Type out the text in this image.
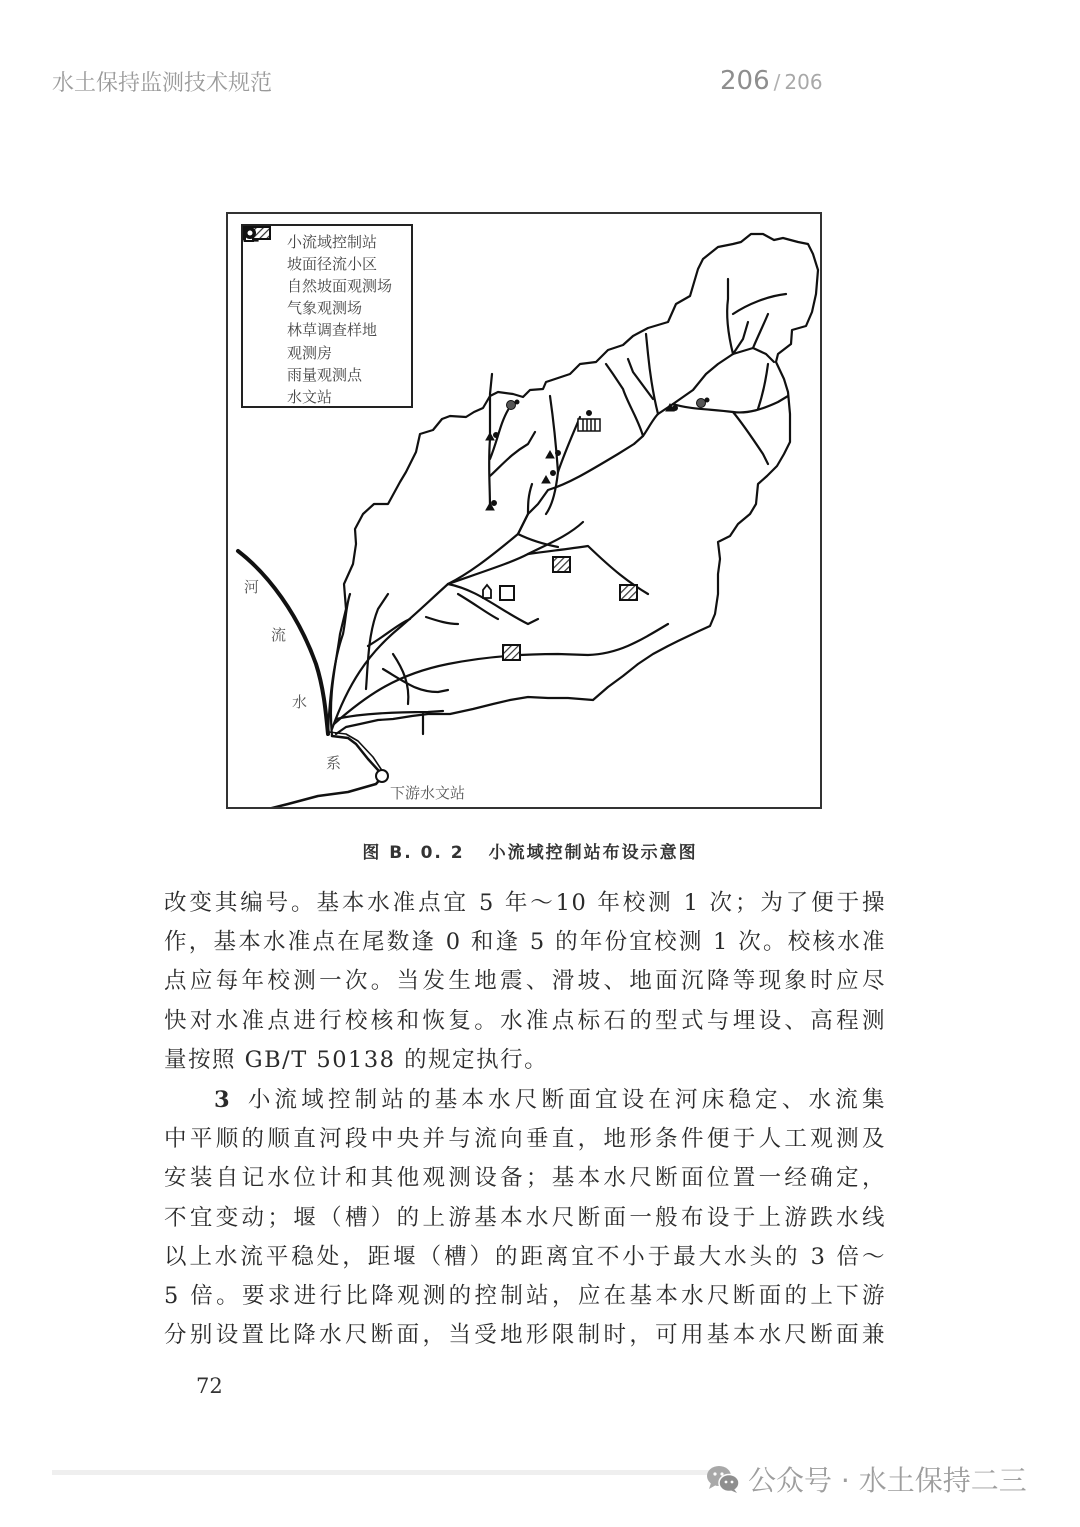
水土保持监测技术规范	206 / 206
小流域控制站
坡面径流小区
自然坡面观测场
气象观测场
林草调查样地
观测房
雨量观测点
水文站
河
流
水
系
下游水文站
图 B. 0. 2 小流域控制站布设示意图
改变其编号。基本水准点宜 5 年～10 年校测 1 次；为了便于操
作，基本水准点在尾数逢 0 和逢 5 的年份宜校测 1 次。校核水准
点应每年校测一次。当发生地震、滑坡、地面沉降等现象时应尽
快对水准点进行校核和恢复。水准点标石的型式与埋设、高程测
量按照 GB/T 50138 的规定执行。
3 小流域控制站的基本水尺断面宜设在河床稳定、水流集
中平顺的顺直河段中央并与流向垂直，地形条件便于人工观测及
安装自记水位计和其他观测设备；基本水尺断面位置一经确定，
不宜变动；堰（槽）的上游基本水尺断面一般布设于上游跌水线
以上水流平稳处，距堰（槽）的距离宜不小于最大水头的 3 倍～
5 倍。要求进行比降观测的控制站，应在基本水尺断面的上下游
分别设置比降水尺断面，当受地形限制时，可用基本水尺断面兼
72
公众号 · 水土保持二三
